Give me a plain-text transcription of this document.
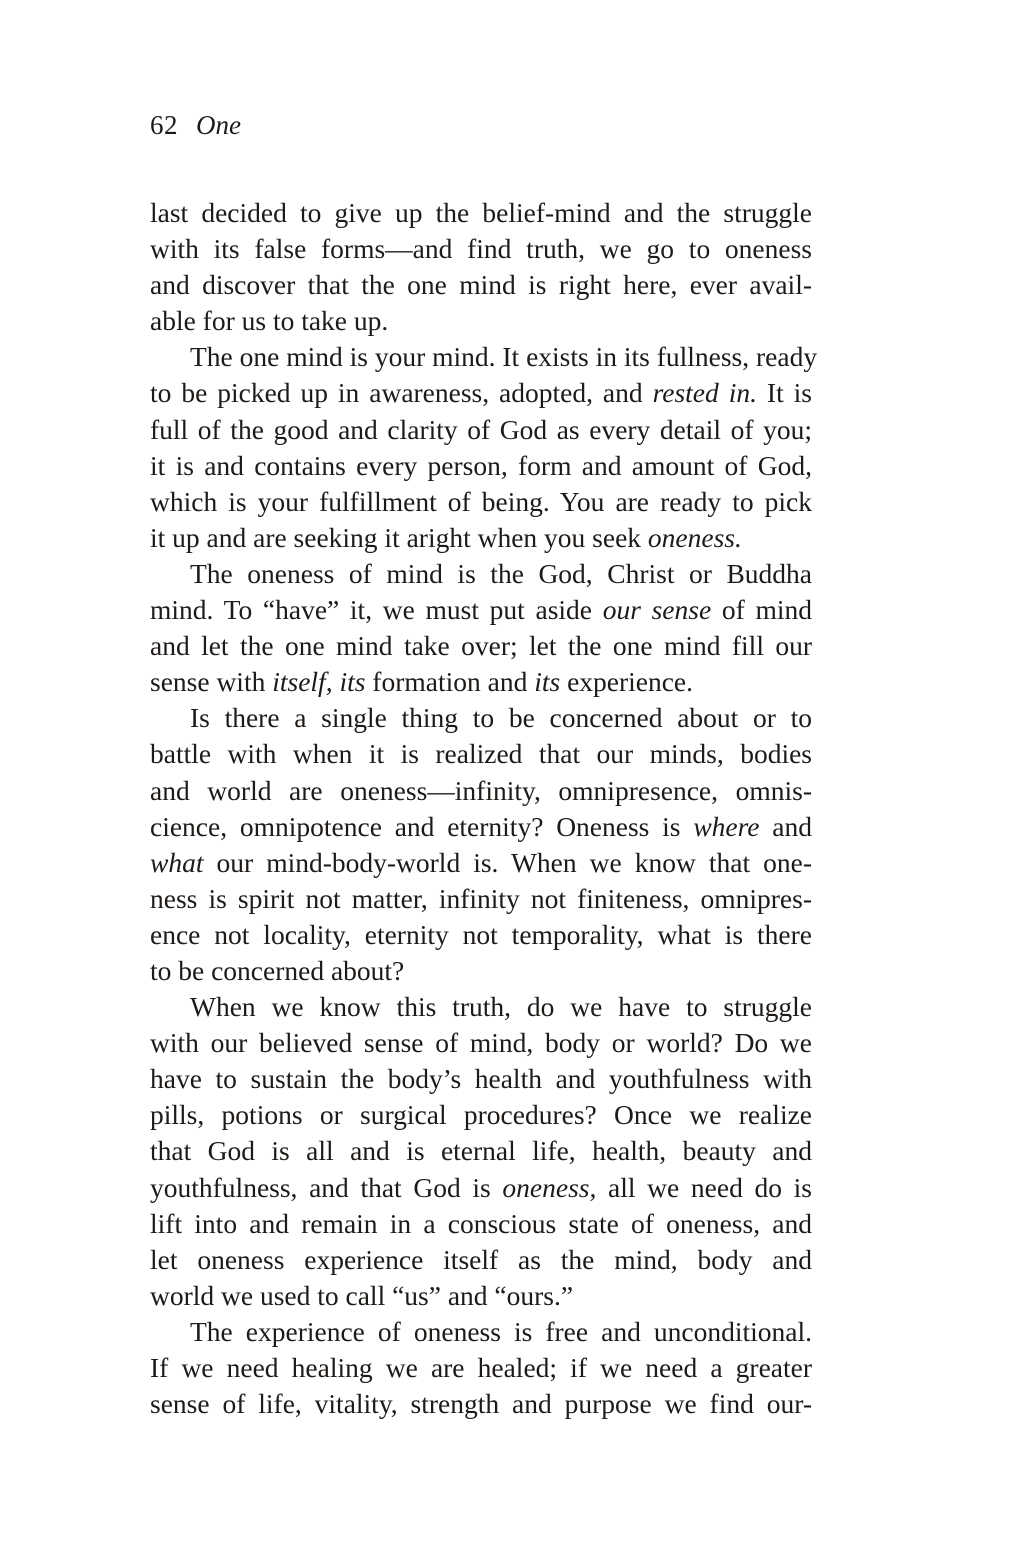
62 One
last decided to give up the belief-mind and the struggle
with its false forms—and find truth, we go to oneness
and discover that the one mind is right here, ever avail-
able for us to take up.
The one mind is your mind. It exists in its fullness, ready
to be picked up in awareness, adopted, and rested in. It is
full of the good and clarity of God as every detail of you;
it is and contains every person, form and amount of God,
which is your fulfillment of being. You are ready to pick
it up and are seeking it aright when you seek oneness.
The oneness of mind is the God, Christ or Buddha
mind. To “have” it, we must put aside our sense of mind
and let the one mind take over; let the one mind fill our
sense with itself, its formation and its experience.
Is there a single thing to be concerned about or to
battle with when it is realized that our minds, bodies
and world are oneness—infinity, omnipresence, omnis-
cience, omnipotence and eternity? Oneness is where and
what our mind-body-world is. When we know that one-
ness is spirit not matter, infinity not finiteness, omnipres-
ence not locality, eternity not temporality, what is there
to be concerned about?
When we know this truth, do we have to struggle
with our believed sense of mind, body or world? Do we
have to sustain the body’s health and youthfulness with
pills, potions or surgical procedures? Once we realize
that God is all and is eternal life, health, beauty and
youthfulness, and that God is oneness, all we need do is
lift into and remain in a conscious state of oneness, and
let oneness experience itself as the mind, body and
world we used to call “us” and “ours.”
The experience of oneness is free and unconditional.
If we need healing we are healed; if we need a greater
sense of life, vitality, strength and purpose we find our-
